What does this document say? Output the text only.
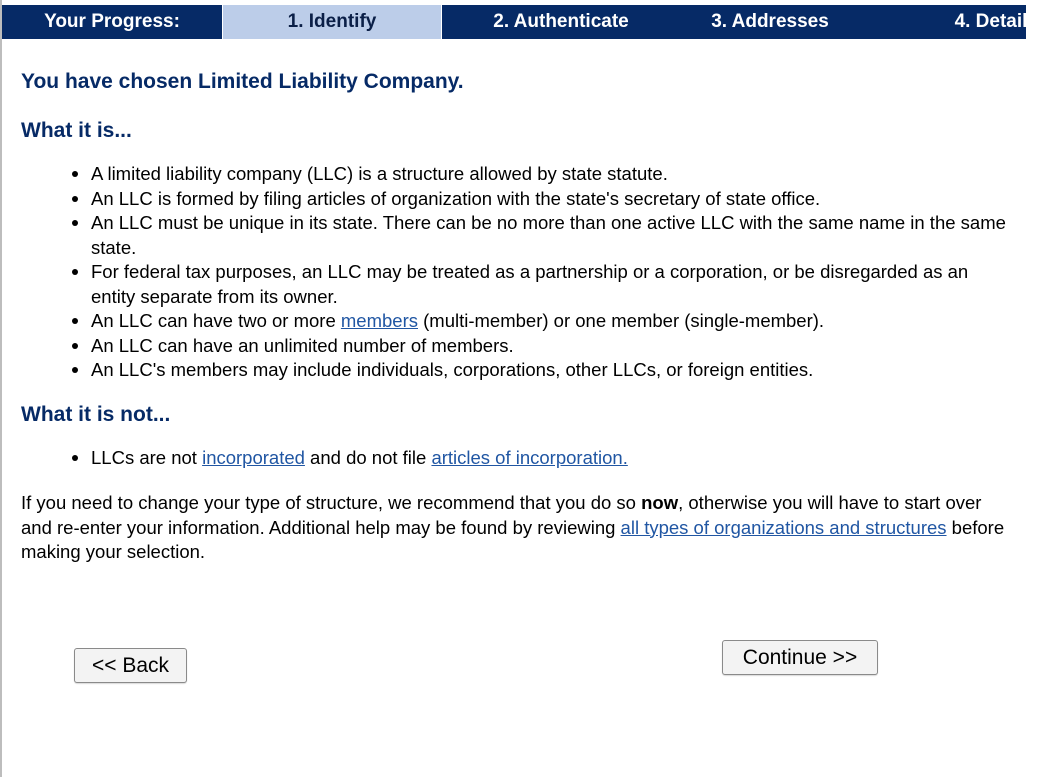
Your Progress:	1. Identify	2. Authenticate	3. Addresses	4. Details
You have chosen Limited Liability Company.
What it is...
A limited liability company (LLC) is a structure allowed by state statute.
An LLC is formed by filing articles of organization with the state's secretary of state office.
An LLC must be unique in its state. There can be no more than one active LLC with the same name in the same state.
For federal tax purposes, an LLC may be treated as a partnership or a corporation, or be disregarded as an entity separate from its owner.
An LLC can have two or more members (multi-member) or one member (single-member).
An LLC can have an unlimited number of members.
An LLC's members may include individuals, corporations, other LLCs, or foreign entities.
What it is not...
LLCs are not incorporated and do not file articles of incorporation.

If you need to change your type of structure, we recommend that you do so now, otherwise you will have to start over and re-enter your information. Additional help may be found by reviewing all types of organizations and structures before making your selection.

<< Back	Continue >>
